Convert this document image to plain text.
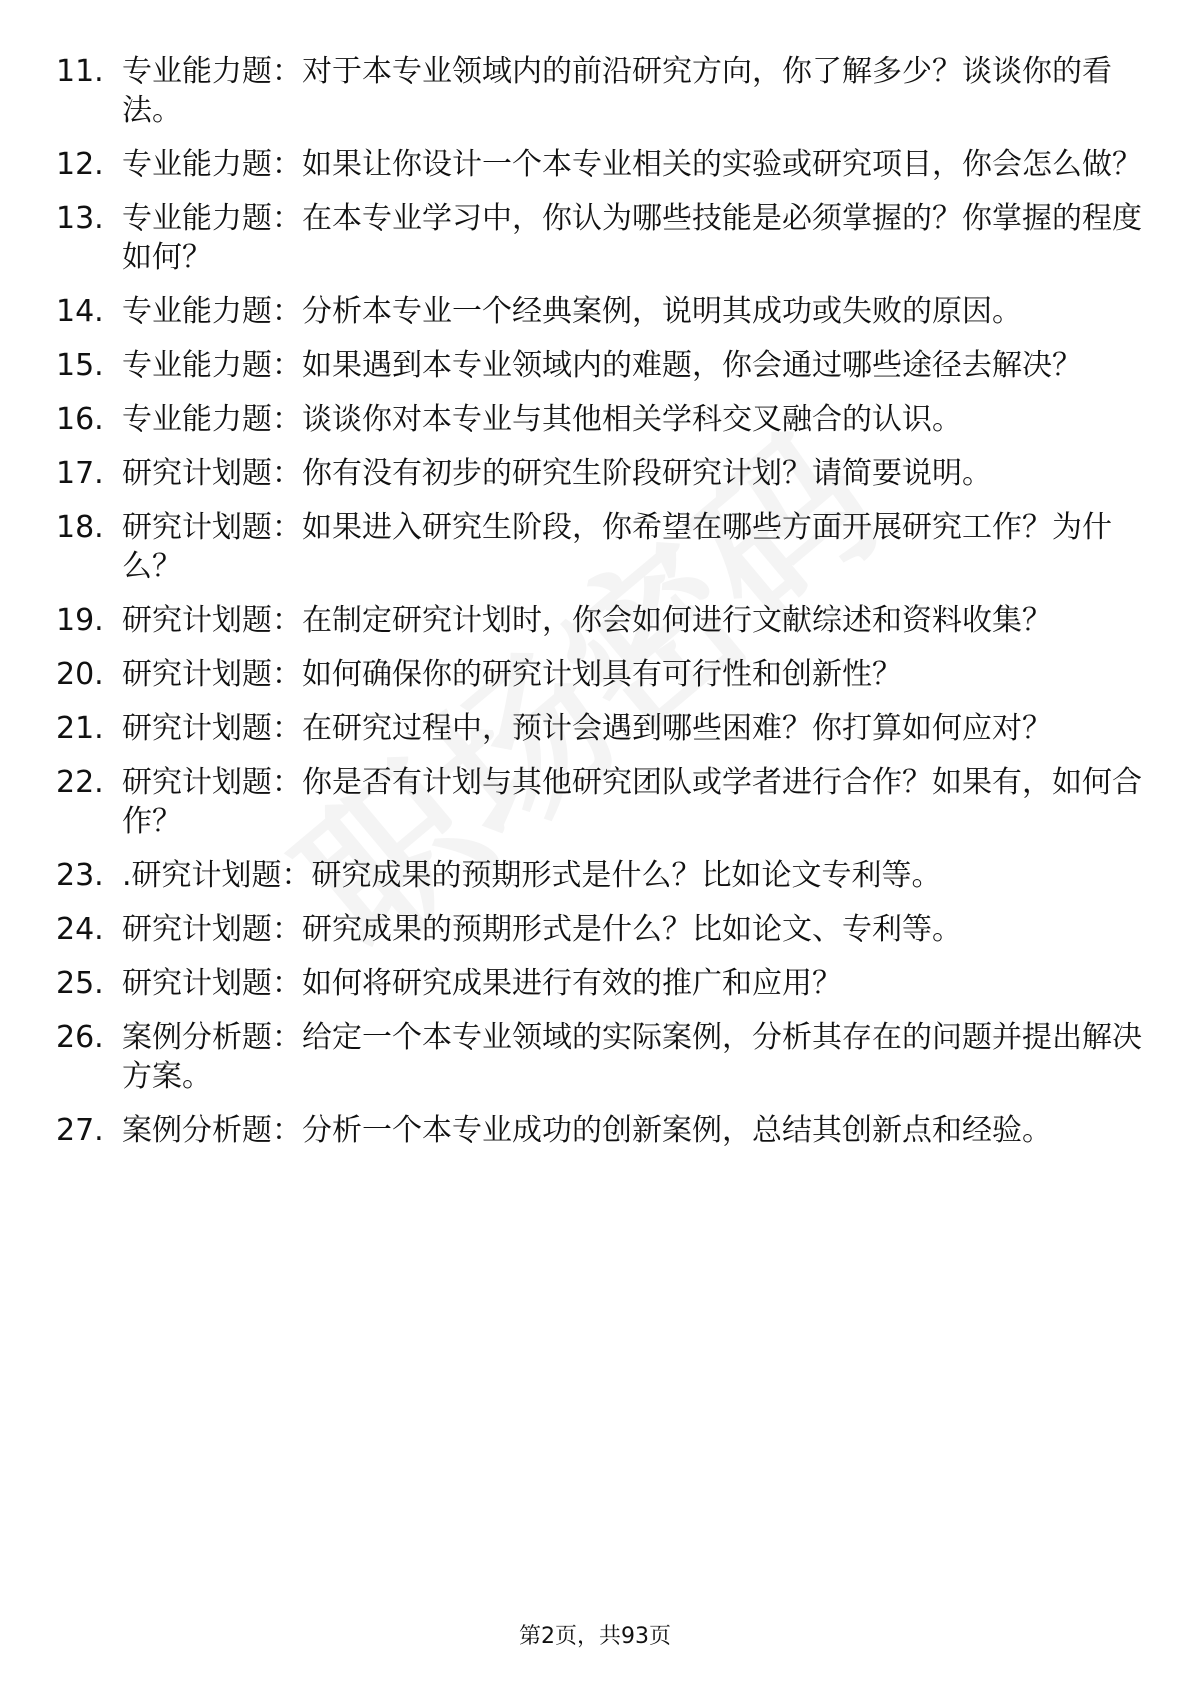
11. 专业能力题：对于本专业领域内的前沿研究方向，你了解多少？谈谈你的看法。
12. 专业能力题：如果让你设计一个本专业相关的实验或研究项目，你会怎么做？
13. 专业能力题：在本专业学习中，你认为哪些技能是必须掌握的？你掌握的程度如何？
14. 专业能力题：分析本专业一个经典案例，说明其成功或失败的原因。
15. 专业能力题：如果遇到本专业领域内的难题，你会通过哪些途径去解决？
16. 专业能力题：谈谈你对本专业与其他相关学科交叉融合的认识。
17. 研究计划题：你有没有初步的研究生阶段研究计划？请简要说明。
18. 研究计划题：如果进入研究生阶段，你希望在哪些方面开展研究工作？为什么？
19. 研究计划题：在制定研究计划时，你会如何进行文献综述和资料收集？
20. 研究计划题：如何确保你的研究计划具有可行性和创新性？
21. 研究计划题：在研究过程中，预计会遇到哪些困难？你打算如何应对？
22. 研究计划题：你是否有计划与其他研究团队或学者进行合作？如果有，如何合作？
23. .研究计划题：研究成果的预期形式是什么？比如论文专利等。
24. 研究计划题：研究成果的预期形式是什么？比如论文、专利等。
25. 研究计划题：如何将研究成果进行有效的推广和应用？
26. 案例分析题：给定一个本专业领域的实际案例，分析其存在的问题并提出解决方案。
27. 案例分析题：分析一个本专业成功的创新案例，总结其创新点和经验。
第2页，共93页
